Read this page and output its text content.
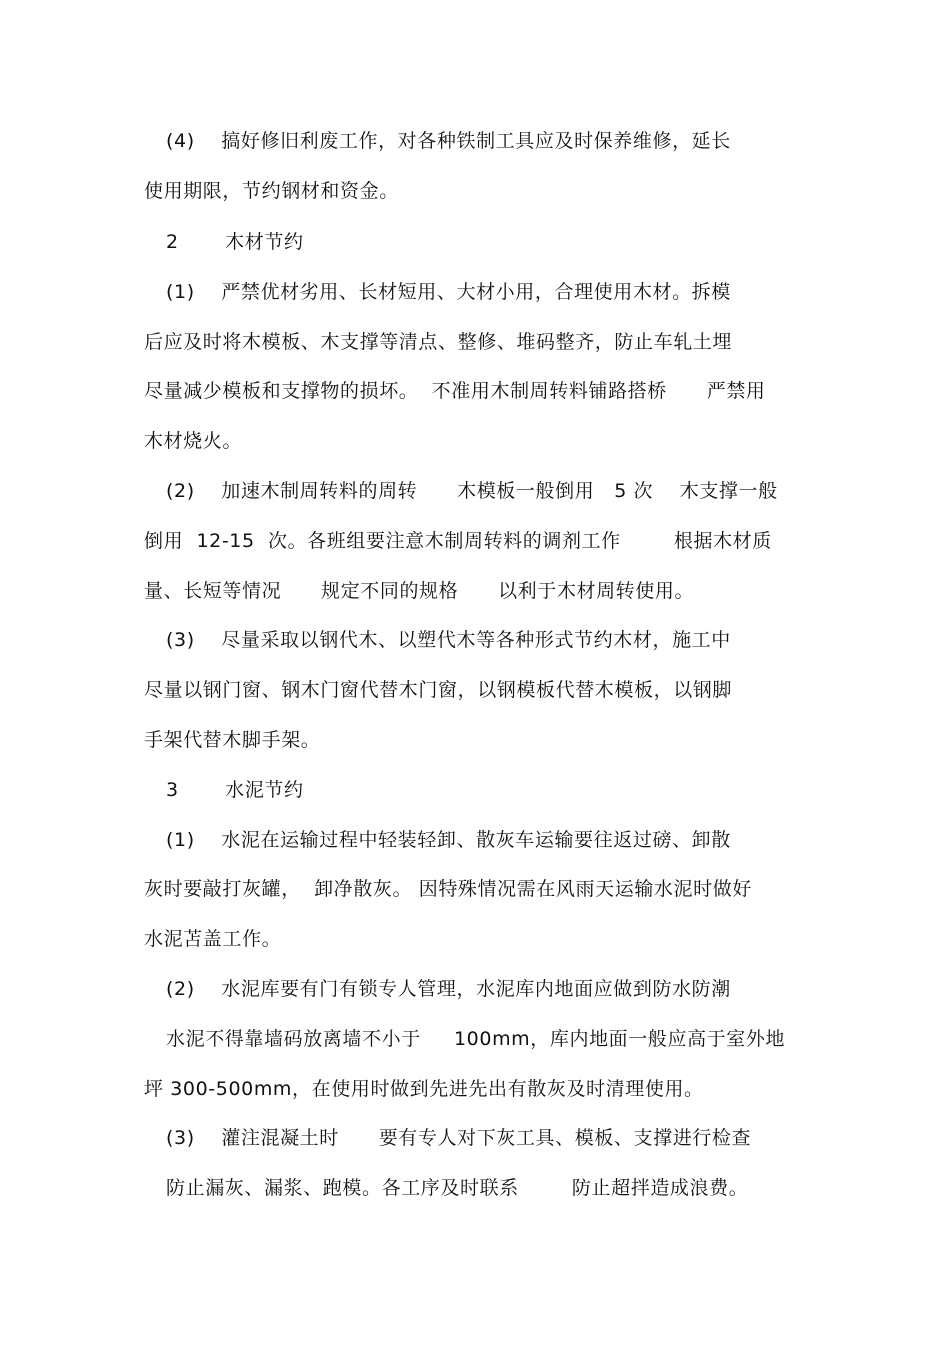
(4)    搞好修旧利废工作，对各种铁制工具应及时保养维修，延长
使用期限，节约钢材和资金。
2       木材节约
(1)    严禁优材劣用、长材短用、大材小用，合理使用木材。拆模
后应及时将木模板、木支撑等清点、整修、堆码整齐，防止车轧土埋
尽量减少模板和支撑物的损坏。  不准用木制周转料铺路搭桥      严禁用
木材烧火。
(2)    加速木制周转料的周转      木模板一般倒用   5 次    木支撑一般
倒用  12-15  次。各班组要注意木制周转料的调剂工作        根据木材质
量、长短等情况      规定不同的规格      以利于木材周转使用。
(3)    尽量采取以钢代木、以塑代木等各种形式节约木材，施工中
尽量以钢门窗、钢木门窗代替木门窗，以钢模板代替木模板，以钢脚
手架代替木脚手架。
3       水泥节约
(1)    水泥在运输过程中轻装轻卸、散灰车运输要往返过磅、卸散
灰时要敲打灰罐，  卸净散灰。 因特殊情况需在风雨天运输水泥时做好
水泥苫盖工作。
(2)    水泥库要有门有锁专人管理，水泥库内地面应做到防水防潮
水泥不得靠墙码放离墙不小于     100mm，库内地面一般应高于室外地
坪 300-500mm，在使用时做到先进先出有散灰及时清理使用。
(3)    灌注混凝土时      要有专人对下灰工具、模板、支撑进行检查
防止漏灰、漏浆、跑模。各工序及时联系        防止超拌造成浪费。
